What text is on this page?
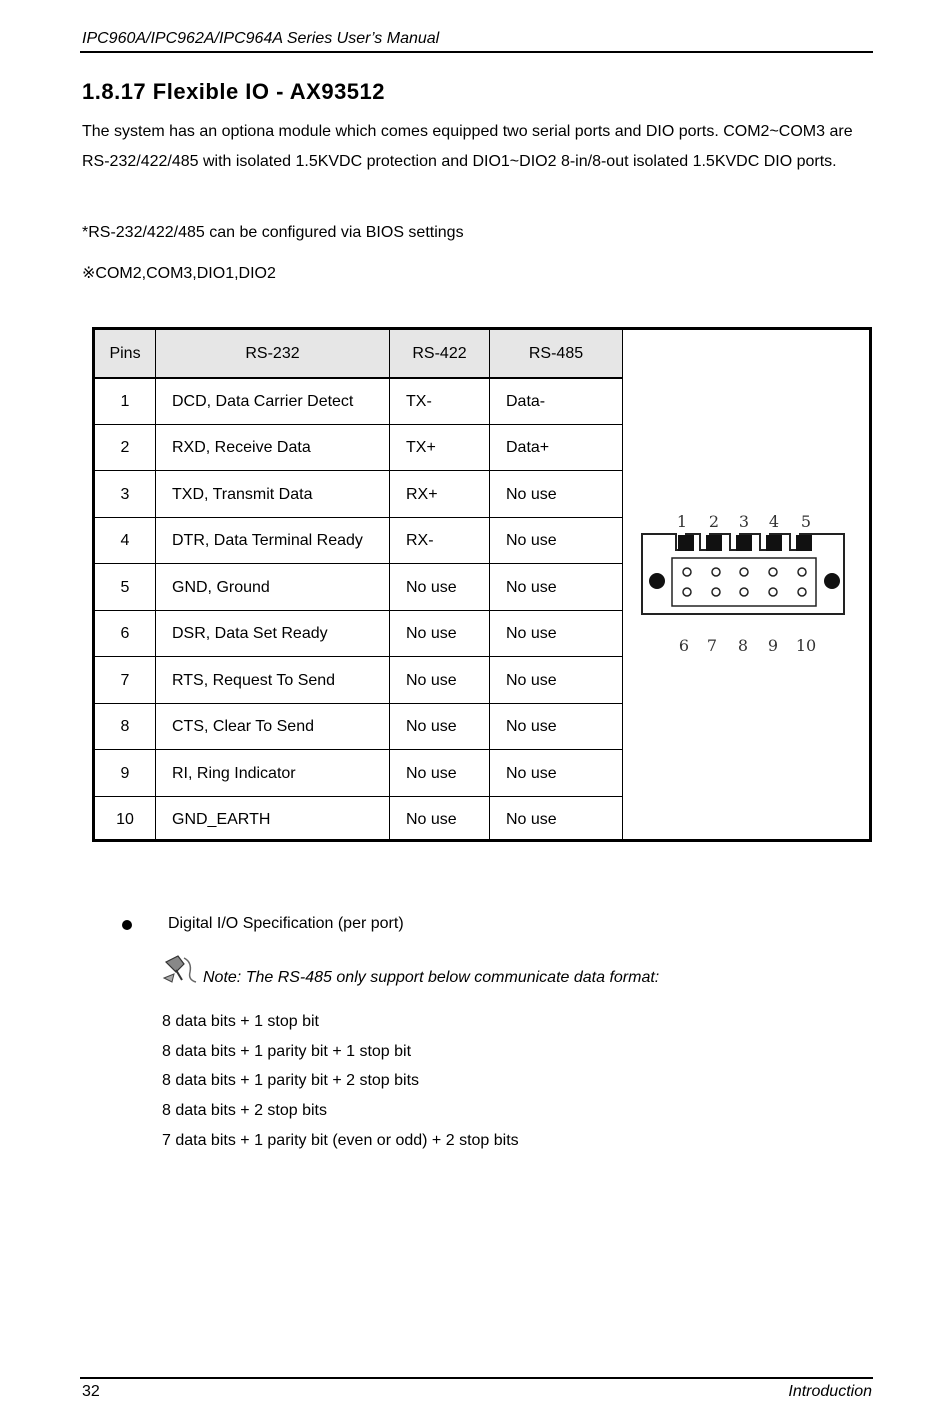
IPC960A/IPC962A/IPC964A Series User’s Manual
1.8.17 Flexible IO - AX93512
The system has an optiona module which comes equipped two serial ports and DIO ports. COM2~COM3 are RS-232/422/485 with isolated 1.5KVDC protection and DIO1~DIO2 8-in/8-out isolated 1.5KVDC DIO ports.
*RS-232/422/485 can be configured via BIOS settings
※COM2,COM3,DIO1,DIO2
Pins	RS-232	RS-422	RS-485
1	DCD, Data Carrier Detect	TX-	Data-
2	RXD, Receive Data	TX+	Data+
3	TXD, Transmit Data	RX+	No use
4	DTR, Data Terminal Ready	RX-	No use
5	GND, Ground	No use	No use
6	DSR, Data Set Ready	No use	No use
7	RTS, Request To Send	No use	No use
8	CTS, Clear To Send	No use	No use
9	RI, Ring Indicator	No use	No use
10	GND_EARTH	No use	No use
1 2 3 4 5
6 7 8 9 10
Digital I/O Specification (per port)
Note: The RS-485 only support below communicate data format:
8 data bits + 1 stop bit
8 data bits + 1 parity bit + 1 stop bit
8 data bits + 1 parity bit + 2 stop bits
8 data bits + 2 stop bits
7 data bits + 1 parity bit (even or odd) + 2 stop bits
32	Introduction
